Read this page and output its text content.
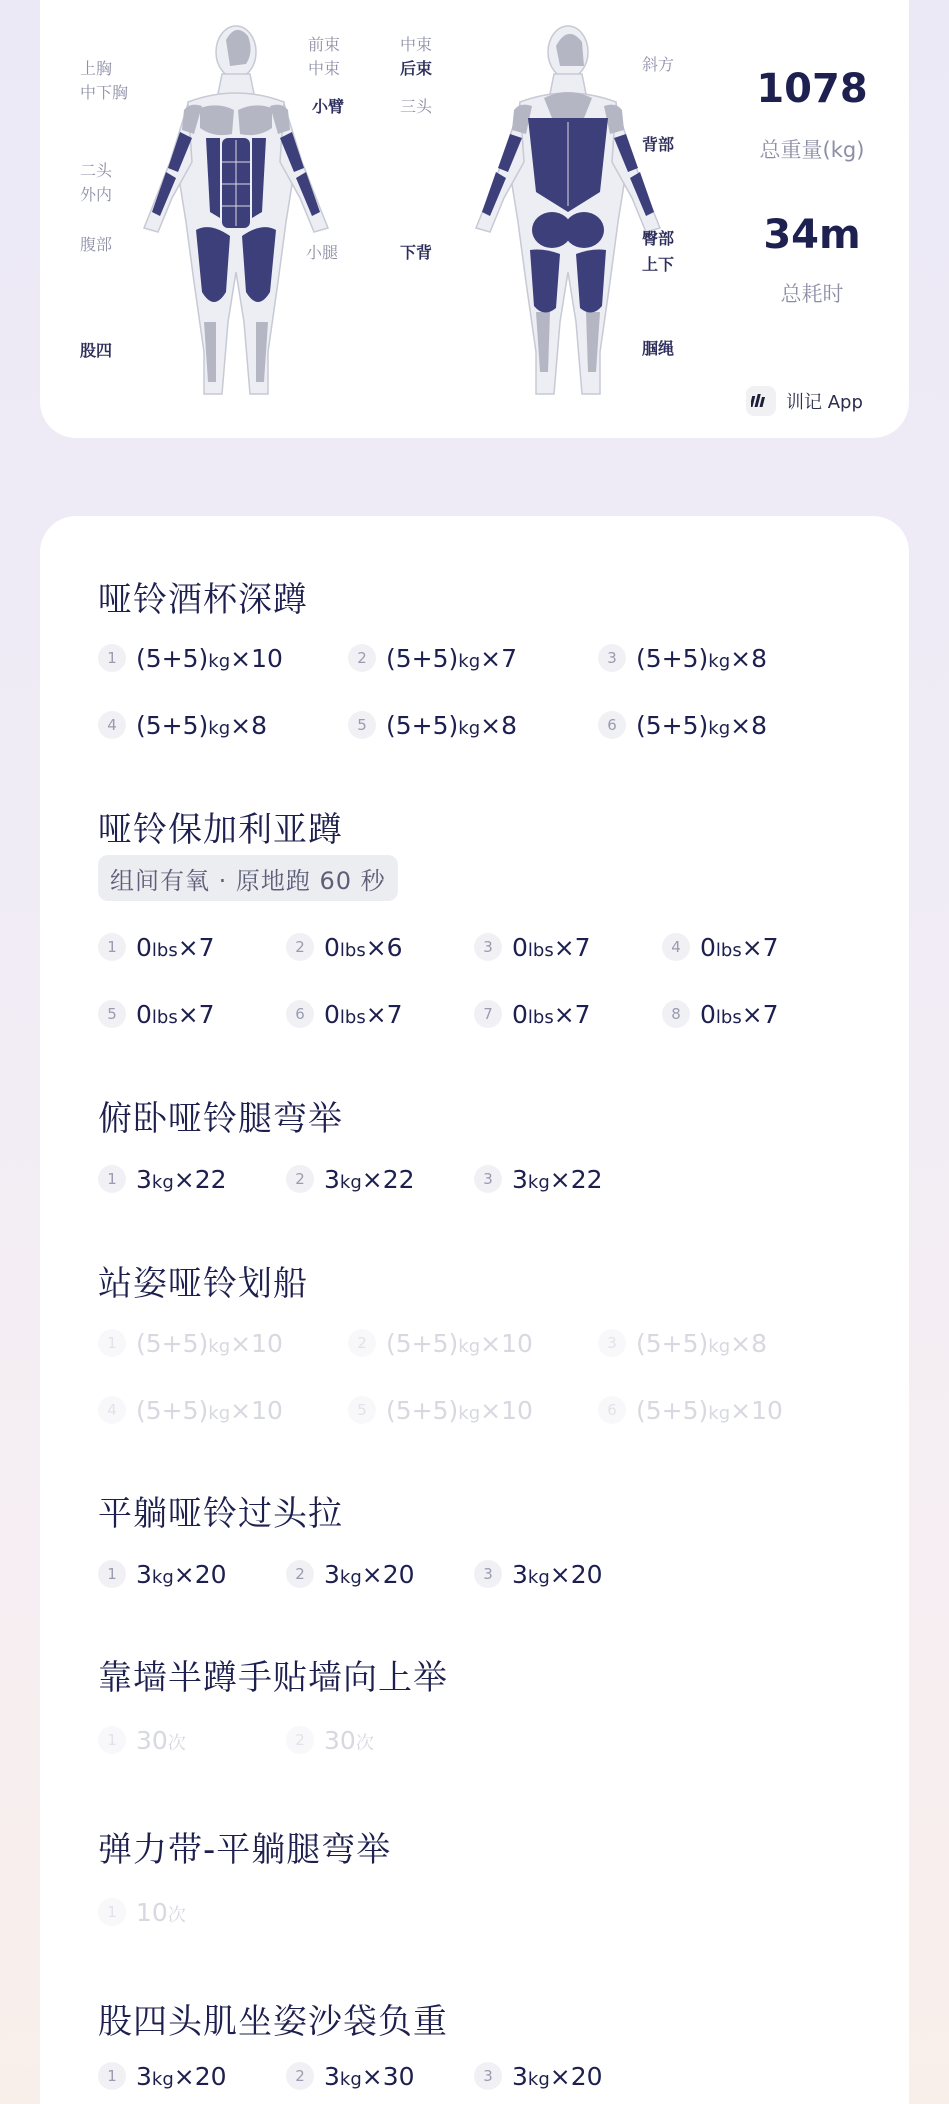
上胸
中下胸
二头
外内
腹部
股四
前束
中束
小臂
小腿
中束
后束
三头
下背
斜方
背部
臀部
上下
腘绳
1078
总重量(kg)
34m
总耗时
训记 App
哑铃酒杯深蹲
1 (5+5)kg×10	2 (5+5)kg×7	3 (5+5)kg×8
4 (5+5)kg×8	5 (5+5)kg×8	6 (5+5)kg×8
哑铃保加利亚蹲
组间有氧 · 原地跑 60 秒
1 0lbs×7	2 0lbs×6	3 0lbs×7	4 0lbs×7
5 0lbs×7	6 0lbs×7	7 0lbs×7	8 0lbs×7
俯卧哑铃腿弯举
1 3kg×22	2 3kg×22	3 3kg×22
站姿哑铃划船
1 (5+5)kg×10	2 (5+5)kg×10	3 (5+5)kg×8
4 (5+5)kg×10	5 (5+5)kg×10	6 (5+5)kg×10
平躺哑铃过头拉
1 3kg×20	2 3kg×20	3 3kg×20
靠墙半蹲手贴墙向上举
1 30次	2 30次
弹力带-平躺腿弯举
1 10次
股四头肌坐姿沙袋负重
1 3kg×20	2 3kg×30	3 3kg×20
